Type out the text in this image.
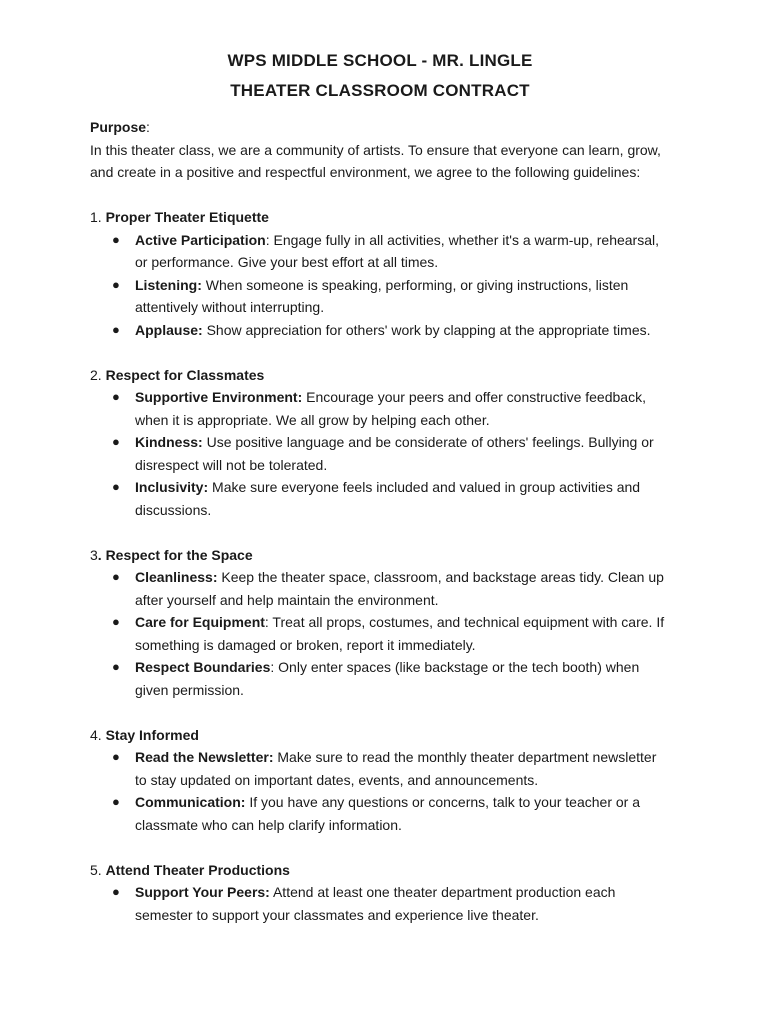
WPS MIDDLE SCHOOL - MR. LINGLE
THEATER CLASSROOM CONTRACT
Purpose:
In this theater class, we are a community of artists. To ensure that everyone can learn, grow, and create in a positive and respectful environment, we agree to the following guidelines:
1. Proper Theater Etiquette
● Active Participation: Engage fully in all activities, whether it's a warm-up, rehearsal, or performance. Give your best effort at all times.
● Listening: When someone is speaking, performing, or giving instructions, listen attentively without interrupting.
● Applause: Show appreciation for others' work by clapping at the appropriate times.
2. Respect for Classmates
● Supportive Environment: Encourage your peers and offer constructive feedback, when it is appropriate. We all grow by helping each other.
● Kindness: Use positive language and be considerate of others' feelings. Bullying or disrespect will not be tolerated.
● Inclusivity: Make sure everyone feels included and valued in group activities and discussions.
3. Respect for the Space
● Cleanliness: Keep the theater space, classroom, and backstage areas tidy. Clean up after yourself and help maintain the environment.
● Care for Equipment: Treat all props, costumes, and technical equipment with care. If something is damaged or broken, report it immediately.
● Respect Boundaries: Only enter spaces (like backstage or the tech booth) when given permission.
4. Stay Informed
● Read the Newsletter: Make sure to read the monthly theater department newsletter to stay updated on important dates, events, and announcements.
● Communication: If you have any questions or concerns, talk to your teacher or a classmate who can help clarify information.
5. Attend Theater Productions
● Support Your Peers: Attend at least one theater department production each semester to support your classmates and experience live theater.
